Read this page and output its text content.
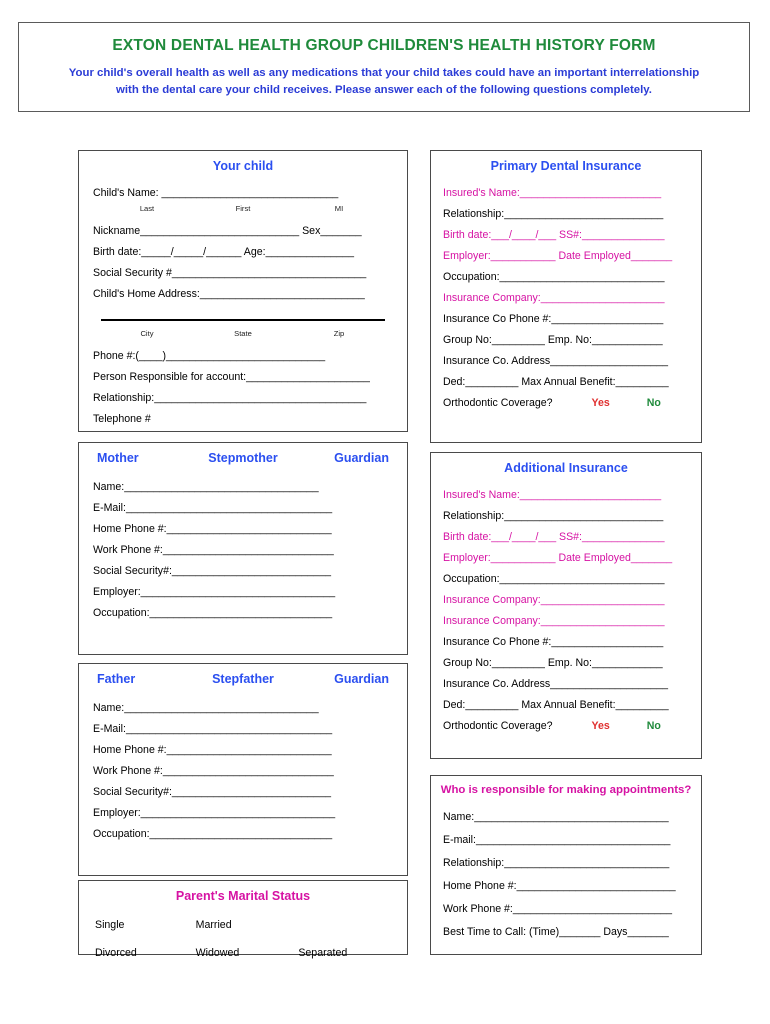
EXTON DENTAL HEALTH GROUP CHILDREN'S HEALTH HISTORY FORM
Your child's overall health as well as any medications that your child takes could have an important interrelationship
with the dental care your child receives. Please answer each of the following questions completely.
Your child
Child's Name: ______________________________
Last	First	MI
Nickname___________________________ Sex_______
Birth date:_____/_____/______ Age:_______________
Social Security #_________________________________
Child's Home Address:____________________________
City	State	Zip
Phone #:(____)___________________________
Person Responsible for account:_____________________
Relationship:____________________________________
Telephone #
Mother	Stepmother	Guardian
Name:_________________________________
E-Mail:___________________________________
Home Phone #:____________________________
Work Phone #:_____________________________
Social Security#:___________________________
Employer:_________________________________
Occupation:_______________________________
Father	Stepfather	Guardian
Name:_________________________________
E-Mail:___________________________________
Home Phone #:____________________________
Work Phone #:_____________________________
Social Security#:___________________________
Employer:_________________________________
Occupation:_______________________________
Parent's Marital Status
Single	Married
Divorced	Widowed	Separated
Primary Dental Insurance
Insured's Name:________________________
Relationship:___________________________
Birth date:___/____/___ SS#:______________
Employer:___________ Date Employed_______
Occupation:____________________________
Insurance Company:_____________________
Insurance Co Phone #:___________________
Group No:_________ Emp. No:____________
Insurance Co. Address____________________
Ded:_________ Max Annual Benefit:_________
Orthodontic Coverage?	Yes	No
Additional Insurance
Insured's Name:________________________
Relationship:___________________________
Birth date:___/____/___ SS#:______________
Employer:___________ Date Employed_______
Occupation:____________________________
Insurance Company:_____________________
Insurance Company:_____________________
Insurance Co Phone #:___________________
Group No:_________ Emp. No:____________
Insurance Co. Address____________________
Ded:_________ Max Annual Benefit:_________
Orthodontic Coverage?	Yes	No
Who is responsible for making appointments?
Name:_________________________________
E-mail:_________________________________
Relationship:____________________________
Home Phone #:___________________________
Work Phone #:___________________________
Best Time to Call: (Time)_______ Days_______
